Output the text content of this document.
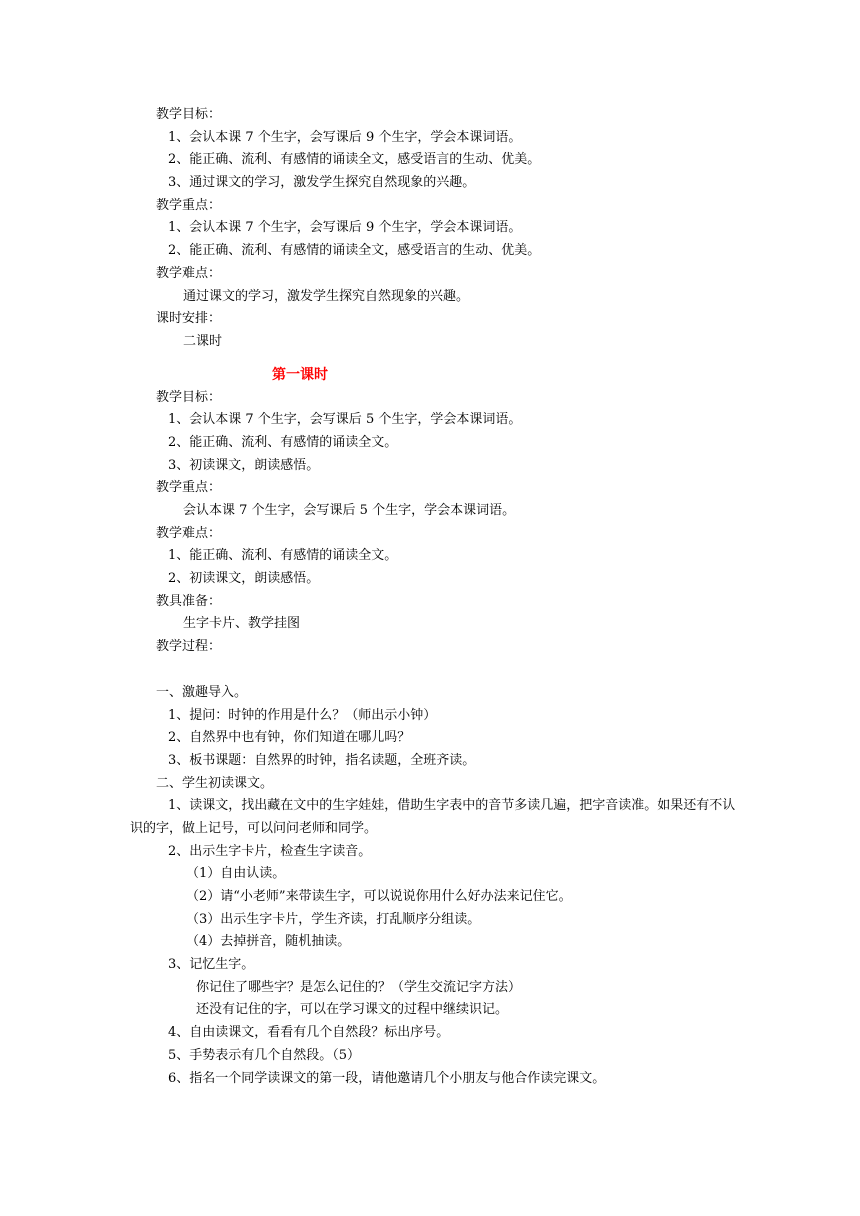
教学目标：
1、会认本课 7 个生字，会写课后 9 个生字，学会本课词语。
2、能正确、流利、有感情的诵读全文，感受语言的生动、优美。
3、通过课文的学习，激发学生探究自然现象的兴趣。
教学重点：
1、会认本课 7 个生字，会写课后 9 个生字，学会本课词语。
2、能正确、流利、有感情的诵读全文，感受语言的生动、优美。
教学难点：
通过课文的学习，激发学生探究自然现象的兴趣。
课时安排：
二课时
第一课时
教学目标：
1、会认本课 7 个生字，会写课后 5 个生字，学会本课词语。
2、能正确、流利、有感情的诵读全文。
3、初读课文，朗读感悟。
教学重点：
会认本课 7 个生字，会写课后 5 个生字，学会本课词语。
教学难点：
1、能正确、流利、有感情的诵读全文。
2、初读课文，朗读感悟。
教具准备：
生字卡片、教学挂图
教学过程：
一、激趣导入。
1、提问：时钟的作用是什么？（师出示小钟）
2、自然界中也有钟，你们知道在哪儿吗？
3、板书课题：自然界的时钟，指名读题，全班齐读。
二、学生初读课文。
1、读课文，找出藏在文中的生字娃娃，借助生字表中的音节多读几遍，把字音读准。如果还有不认
识的字，做上记号，可以问问老师和同学。
2、出示生字卡片，检查生字读音。
（1）自由认读。
（2）请“小老师”来带读生字，可以说说你用什么好办法来记住它。
（3）出示生字卡片，学生齐读，打乱顺序分组读。
（4）去掉拼音，随机抽读。
3、记忆生字。
你记住了哪些字？是怎么记住的？（学生交流记字方法）
还没有记住的字，可以在学习课文的过程中继续识记。
4、自由读课文，看看有几个自然段？标出序号。
5、手势表示有几个自然段。（5）
6、指名一个同学读课文的第一段，请他邀请几个小朋友与他合作读完课文。
